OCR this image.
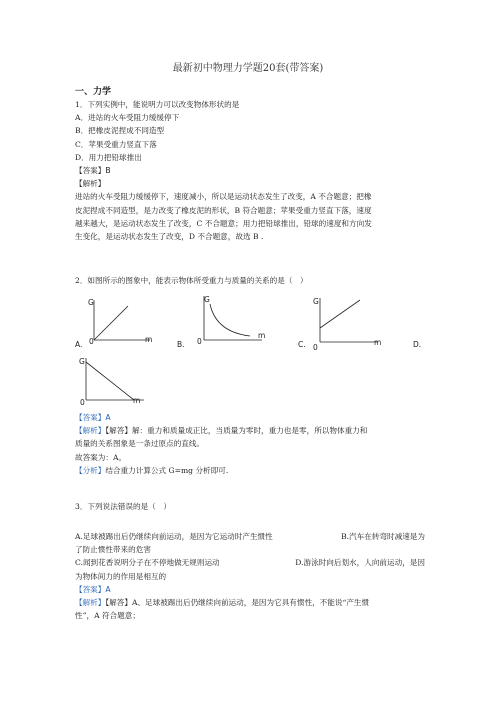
最新初中物理力学题20套(带答案)
一、力学
1．下列实例中，能说明力可以改变物体形状的是
A．进站的火车受阻力缓缓停下
B．把橡皮泥捏成不同造型
C．苹果受重力竖直下落
D．用力把铅球推出
【答案】B
【解析】
进站的火车受阻力缓缓停下，速度减小，所以是运动状态发生了改变，A 不合题意；把橡
皮泥捏成不同造型，是力改变了橡皮泥的形状，B 符合题意；苹果受重力竖直下落，速度
越来越大，是运动状态发生了改变，C 不合题意；用力把铅球推出，铅球的速度和方向发
生变化，是运动状态发生了改变，D 不合题意，故选 B .
2．如图所示的图象中，能表示物体所受重力与质量的关系的是（　）
G
0	m
G
0
m
G
0
m
A.	B.	C.	D.
G
0	m
【答案】A
【解析】【解答】解：重力和质量成正比，当质量为零时，重力也是零，所以物体重力和
质量的关系图象是一条过原点的直线。
故答案为：A。
【分析】结合重力计算公式 G=mg 分析即可.
3．下列说法错误的是（　）
A.足球被踢出后仍继续向前运动，是因为它运动时产生惯性	B.汽车在转弯时减速是为
了防止惯性带来的危害
C.闻到花香说明分子在不停地做无规则运动	D.游泳时向后划水，人向前运动，是因
为物体间力的作用是相互的
【答案】A
【解析】【解答】A、足球被踢出后仍继续向前运动，是因为它具有惯性，不能说“产生惯
性”，A 符合题意；
